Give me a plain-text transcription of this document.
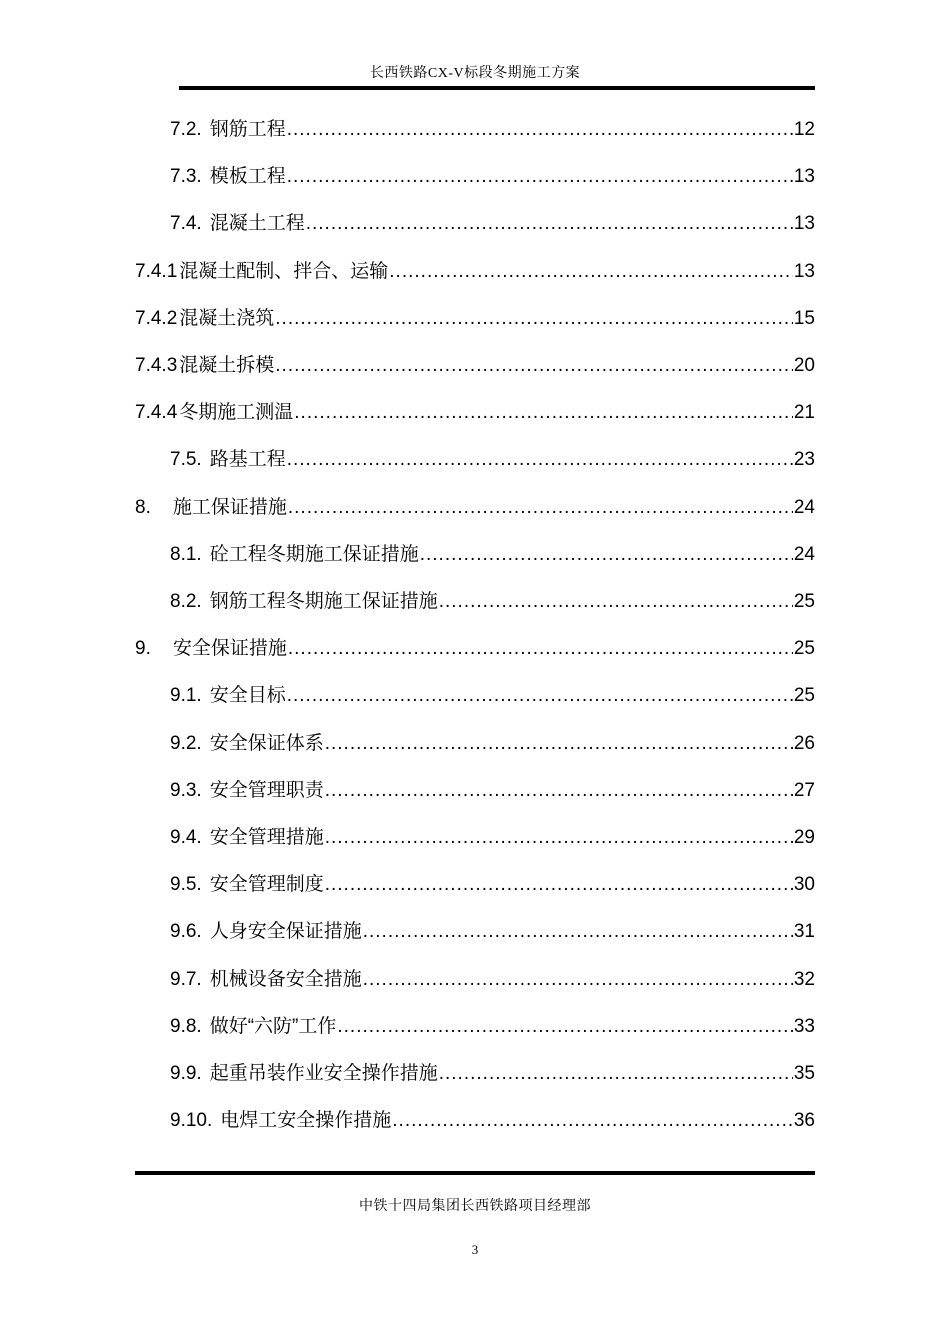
长西铁路CX-V标段冬期施工方案
7.2. 钢筋工程 .....	12
7.3. 模板工程 .....	13
7.4. 混凝土工程 .....	13
7.4.1 混凝土配制、拌合、运输 .....	13
7.4.2 混凝土浇筑 .....	15
7.4.3 混凝土拆模 .....	20
7.4.4 冬期施工测温 .....	21
7.5. 路基工程 .....	23
8. 施工保证措施 .....	24
8.1. 砼工程冬期施工保证措施 .....	24
8.2. 钢筋工程冬期施工保证措施 .....	25
9. 安全保证措施 .....	25
9.1. 安全目标 .....	25
9.2. 安全保证体系 .....	26
9.3. 安全管理职责 .....	27
9.4. 安全管理措施 .....	29
9.5. 安全管理制度 .....	30
9.6. 人身安全保证措施 .....	31
9.7. 机械设备安全措施 .....	32
9.8. 做好“六防”工作 .....	33
9.9. 起重吊装作业安全操作措施 .....	35
9.10. 电焊工安全操作措施 .....	36
中铁十四局集团长西铁路项目经理部
3
